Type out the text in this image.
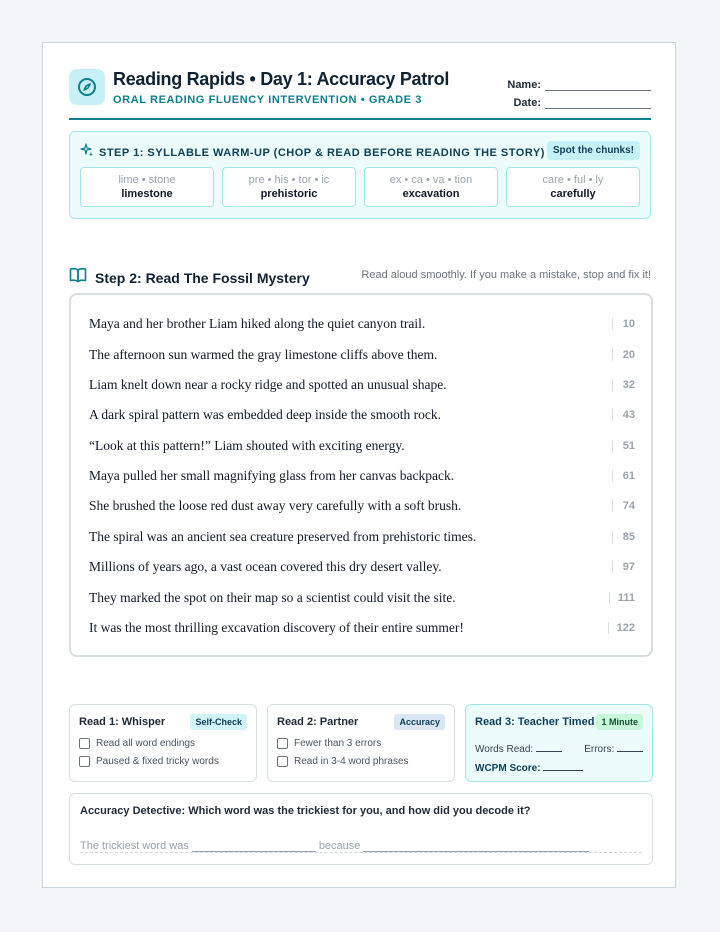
Reading Rapids • Day 1: Accuracy Patrol
ORAL READING FLUENCY INTERVENTION • GRADE 3
Name:
Date:
STEP 1: SYLLABLE WARM-UP (CHOP & READ BEFORE READING THE STORY) Spot the chunks!
lime • stone
limestone
pre • his • tor • ic
prehistoric
ex • ca • va • tion
excavation
care • ful • ly
carefully
Step 2: Read The Fossil Mystery	Read aloud smoothly. If you make a mistake, stop and fix it!
Maya and her brother Liam hiked along the quiet canyon trail.	10
The afternoon sun warmed the gray limestone cliffs above them.	20
Liam knelt down near a rocky ridge and spotted an unusual shape.	32
A dark spiral pattern was embedded deep inside the smooth rock.	43
“Look at this pattern!” Liam shouted with exciting energy.	51
Maya pulled her small magnifying glass from her canvas backpack.	61
She brushed the loose red dust away very carefully with a soft brush.	74
The spiral was an ancient sea creature preserved from prehistoric times.	85
Millions of years ago, a vast ocean covered this dry desert valley.	97
They marked the spot on their map so a scientist could visit the site.	111
It was the most thrilling excavation discovery of their entire summer!	122
Read 1: Whisper	Self-Check
Read all word endings
Paused & fixed tricky words
Read 2: Partner	Accuracy
Fewer than 3 errors
Read in 3-4 word phrases
Read 3: Teacher Timed 1 Minute
Words Read:	Errors:
WCPM Score:
Accuracy Detective: Which word was the trickiest for you, and how did you decode it?
The trickiest word was	because
